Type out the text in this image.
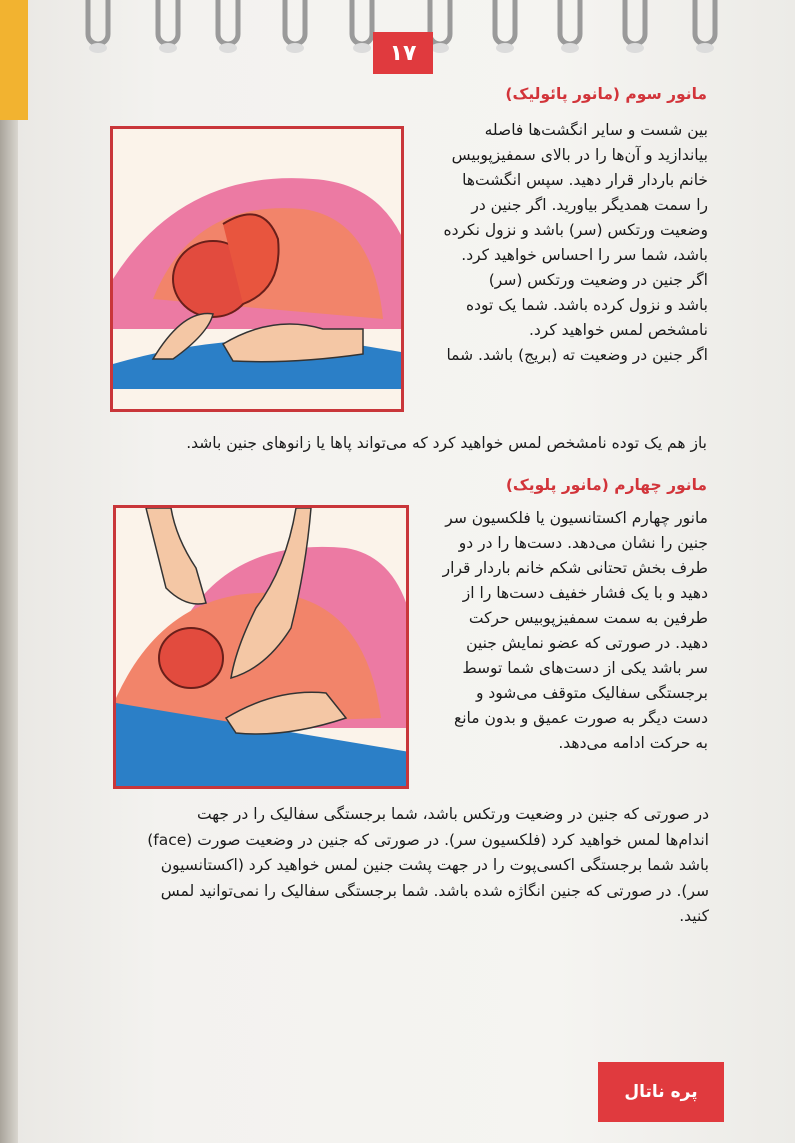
۱۷
مانور سوم (مانور پائولیک)
بین شست و سایر انگشت‌ها فاصله
بیاندازید و آن‌ها را در بالای سمفیزپوبیس
خانم باردار قرار دهید. سپس انگشت‌ها
را سمت همدیگر بیاورید. اگر جنین در
وضعیت ورتکس (سر) باشد و نزول نکرده
باشد، شما سر را احساس خواهید کرد.
اگر جنین در وضعیت ورتکس (سر)
باشد و نزول کرده باشد. شما یک توده
نامشخص لمس خواهید کرد.
اگر جنین در وضعیت ته (بریج) باشد. شما
باز هم یک توده نامشخص لمس خواهید کرد که می‌تواند پاها یا زانوهای جنین باشد.
مانور چهارم (مانور پلویک)
مانور چهارم اکستانسیون یا فلکسیون سر
جنین را نشان می‌دهد. دست‌ها را در دو
طرف بخش تحتانی شکم خانم باردار قرار
دهید و با یک فشار خفیف دست‌ها را از
طرفین به سمت سمفیزپوبیس حرکت
دهید. در صورتی که عضو نمایش جنین
سر باشد یکی از دست‌های شما توسط
برجستگی سفالیک متوقف می‌شود و
دست دیگر به صورت عمیق و بدون مانع
به حرکت ادامه می‌دهد.
در صورتی که جنین در وضعیت ورتکس باشد، شما برجستگی سفالیک را در جهت
اندام‌ها لمس خواهید کرد (فلکسیون سر). در صورتی که جنین در وضعیت صورت (face)
باشد شما برجستگی اکسی‌پوت را در جهت پشت جنین لمس خواهید کرد (اکستانسیون
سر). در صورتی که جنین انگاژه شده باشد. شما برجستگی سفالیک را نمی‌توانید لمس
کنید.
پره ناتال
